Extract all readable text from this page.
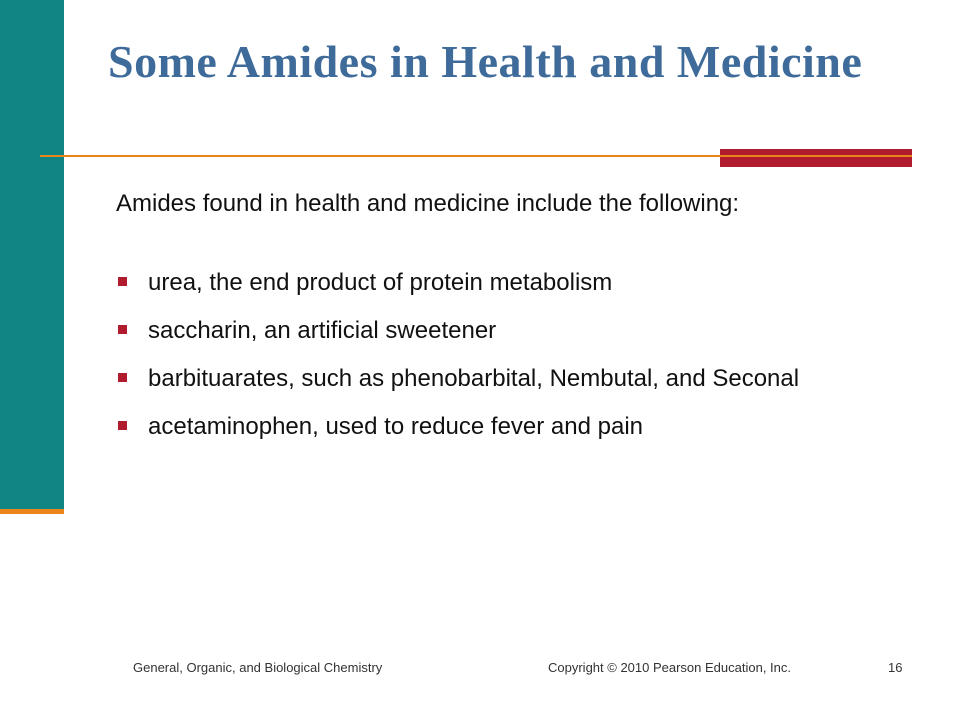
Some Amides in Health and Medicine

Amides found in health and medicine include the following:

urea, the end product of protein metabolism
saccharin, an artificial sweetener
barbituarates, such as phenobarbital, Nembutal, and Seconal
acetaminophen, used to reduce fever and pain
General, Organic, and Biological Chemistry	Copyright © 2010 Pearson Education, Inc.	16
